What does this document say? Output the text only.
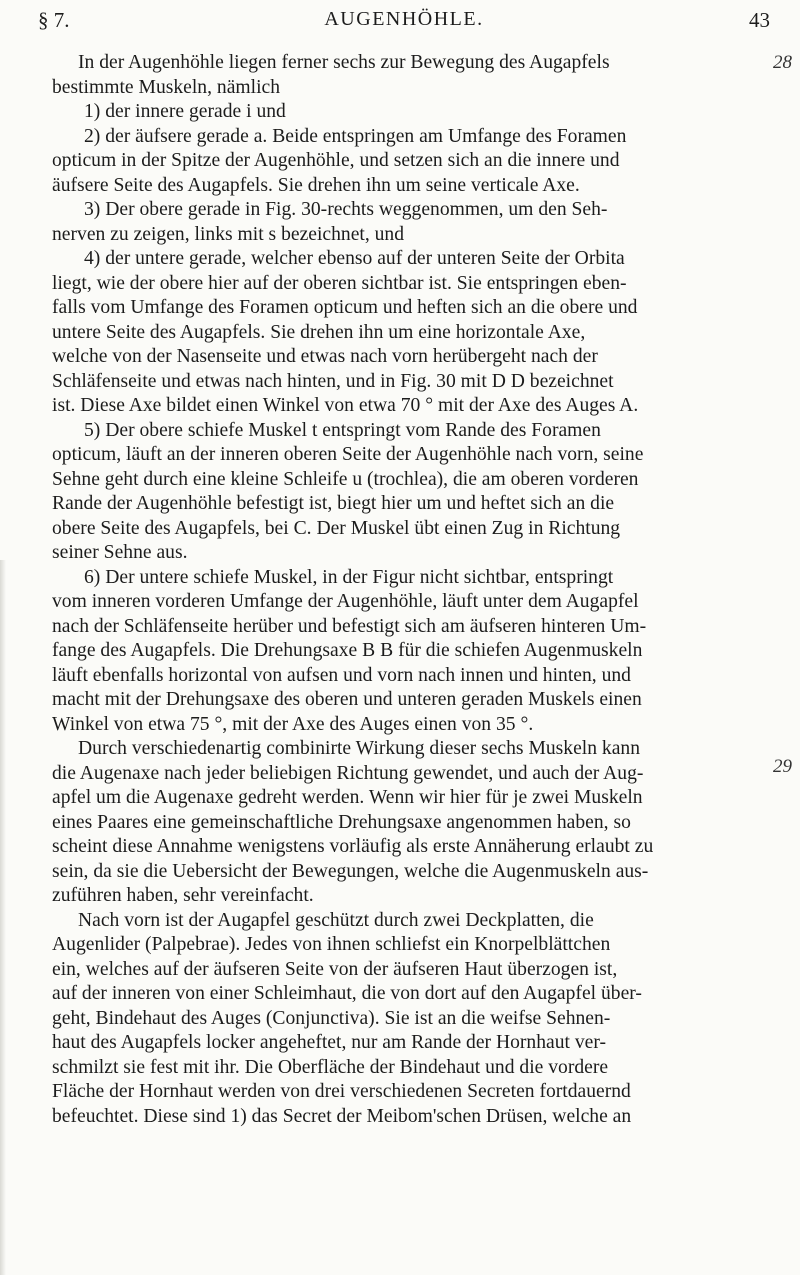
§ 7.	AUGENHÖHLE.	43
28
29
In der Augenhöhle liegen ferner sechs zur Bewegung des Augapfels
bestimmte Muskeln, nämlich
1) der innere gerade i und
2) der äufsere gerade a. Beide entspringen am Umfange des Foramen
opticum in der Spitze der Augenhöhle, und setzen sich an die innere und
äufsere Seite des Augapfels. Sie drehen ihn um seine verticale Axe.
3) Der obere gerade in Fig. 30-rechts weggenommen, um den Seh-
nerven zu zeigen, links mit s bezeichnet, und
4) der untere gerade, welcher ebenso auf der unteren Seite der Orbita
liegt, wie der obere hier auf der oberen sichtbar ist. Sie entspringen eben-
falls vom Umfange des Foramen opticum und heften sich an die obere und
untere Seite des Augapfels. Sie drehen ihn um eine horizontale Axe,
welche von der Nasenseite und etwas nach vorn herübergeht nach der
Schläfenseite und etwas nach hinten, und in Fig. 30 mit D D bezeichnet
ist. Diese Axe bildet einen Winkel von etwa 70 ° mit der Axe des Auges A.
5) Der obere schiefe Muskel t entspringt vom Rande des Foramen
opticum, läuft an der inneren oberen Seite der Augenhöhle nach vorn, seine
Sehne geht durch eine kleine Schleife u (trochlea), die am oberen vorderen
Rande der Augenhöhle befestigt ist, biegt hier um und heftet sich an die
obere Seite des Augapfels, bei C. Der Muskel übt einen Zug in Richtung
seiner Sehne aus.
6) Der untere schiefe Muskel, in der Figur nicht sichtbar, entspringt
vom inneren vorderen Umfange der Augenhöhle, läuft unter dem Augapfel
nach der Schläfenseite herüber und befestigt sich am äufseren hinteren Um-
fange des Augapfels. Die Drehungsaxe B B für die schiefen Augenmuskeln
läuft ebenfalls horizontal von aufsen und vorn nach innen und hinten, und
macht mit der Drehungsaxe des oberen und unteren geraden Muskels einen
Winkel von etwa 75 °, mit der Axe des Auges einen von 35 °.
Durch verschiedenartig combinirte Wirkung dieser sechs Muskeln kann
die Augenaxe nach jeder beliebigen Richtung gewendet, und auch der Aug-
apfel um die Augenaxe gedreht werden. Wenn wir hier für je zwei Muskeln
eines Paares eine gemeinschaftliche Drehungsaxe angenommen haben, so
scheint diese Annahme wenigstens vorläufig als erste Annäherung erlaubt zu
sein, da sie die Uebersicht der Bewegungen, welche die Augenmuskeln aus-
zuführen haben, sehr vereinfacht.
Nach vorn ist der Augapfel geschützt durch zwei Deckplatten, die
Augenlider (Palpebrae). Jedes von ihnen schliefst ein Knorpelblättchen
ein, welches auf der äufseren Seite von der äufseren Haut überzogen ist,
auf der inneren von einer Schleimhaut, die von dort auf den Augapfel über-
geht, Bindehaut des Auges (Conjunctiva). Sie ist an die weifse Sehnen-
haut des Augapfels locker angeheftet, nur am Rande der Hornhaut ver-
schmilzt sie fest mit ihr. Die Oberfläche der Bindehaut und die vordere
Fläche der Hornhaut werden von drei verschiedenen Secreten fortdauernd
befeuchtet. Diese sind 1) das Secret der Meibom'schen Drüsen, welche an
